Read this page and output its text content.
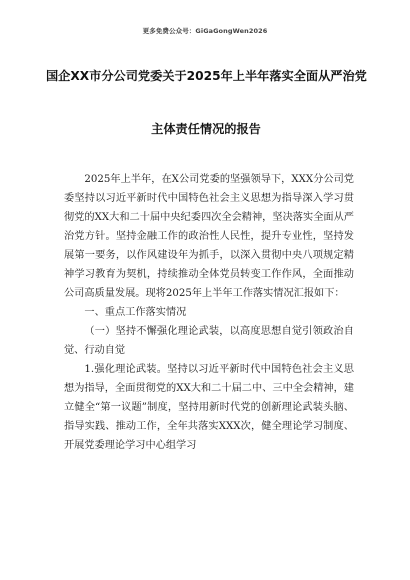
更多免费公众号：GiGaGongWen2026
国企XX市分公司党委关于2025年上半年落实全面从严治党
主体责任情况的报告

2025年上半年，在X公司党委的坚强领导下，XXX分公司党委坚持以习近平新时代中国特色社会主义思想为指导深入学习贯彻党的XX大和二十届中央纪委四次全会精神，坚决落实全面从严治党方针。坚持金融工作的政治性人民性，提升专业性，坚持发展第一要务，以作风建设年为抓手，以深入贯彻中央八项规定精神学习教育为契机，持续推动全体党员转变工作作风，全面推动公司高质量发展。现将2025年上半年工作落实情况汇报如下：

一、重点工作落实情况

（一）坚持不懈强化理论武装，以高度思想自觉引领政治自觉、行动自觉

1.强化理论武装。坚持以习近平新时代中国特色社会主义思想为指导，全面贯彻党的XX大和二十届二中、三中全会精神，建立健全“第一议题”制度，坚持用新时代党的创新理论武装头脑、指导实践、推动工作，全年共落实XXX次，健全理论学习制度、开展党委理论学习中心组学习
